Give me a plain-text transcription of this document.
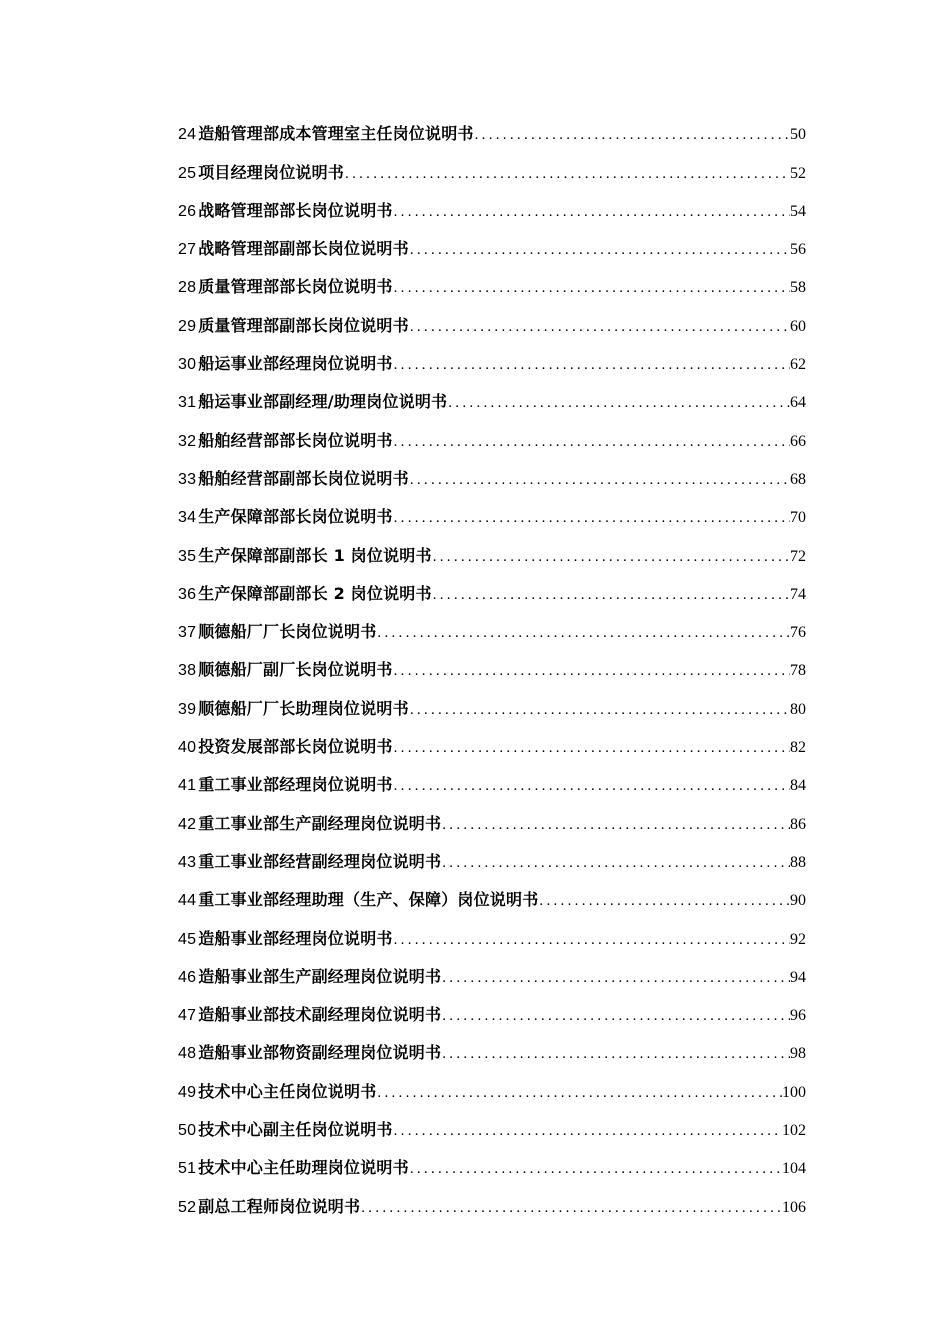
24 造船管理部成本管理室主任岗位说明书 .....	50
25 项目经理岗位说明书 .....	52
26 战略管理部部长岗位说明书 .....	54
27 战略管理部副部长岗位说明书 .....	56
28 质量管理部部长岗位说明书 .....	58
29 质量管理部副部长岗位说明书 .....	60
30 船运事业部经理岗位说明书 .....	62
31 船运事业部副经理/助理岗位说明书 .....	64
32 船舶经营部部长岗位说明书 .....	66
33 船舶经营部副部长岗位说明书 .....	68
34 生产保障部部长岗位说明书 .....	70
35 生产保障部副部长 1 岗位说明书 .....	72
36 生产保障部副部长 2 岗位说明书 .....	74
37 顺德船厂厂长岗位说明书 .....	76
38 顺德船厂副厂长岗位说明书 .....	78
39 顺德船厂厂长助理岗位说明书 .....	80
40 投资发展部部长岗位说明书 .....	82
41 重工事业部经理岗位说明书 .....	84
42 重工事业部生产副经理岗位说明书 .....	86
43 重工事业部经营副经理岗位说明书 .....	88
44 重工事业部经理助理（生产、保障）岗位说明书 .....	90
45 造船事业部经理岗位说明书 .....	92
46 造船事业部生产副经理岗位说明书 .....	94
47 造船事业部技术副经理岗位说明书 .....	96
48 造船事业部物资副经理岗位说明书 .....	98
49 技术中心主任岗位说明书 .....	100
50 技术中心副主任岗位说明书 .....	102
51 技术中心主任助理岗位说明书 .....	104
52 副总工程师岗位说明书 .....	106
